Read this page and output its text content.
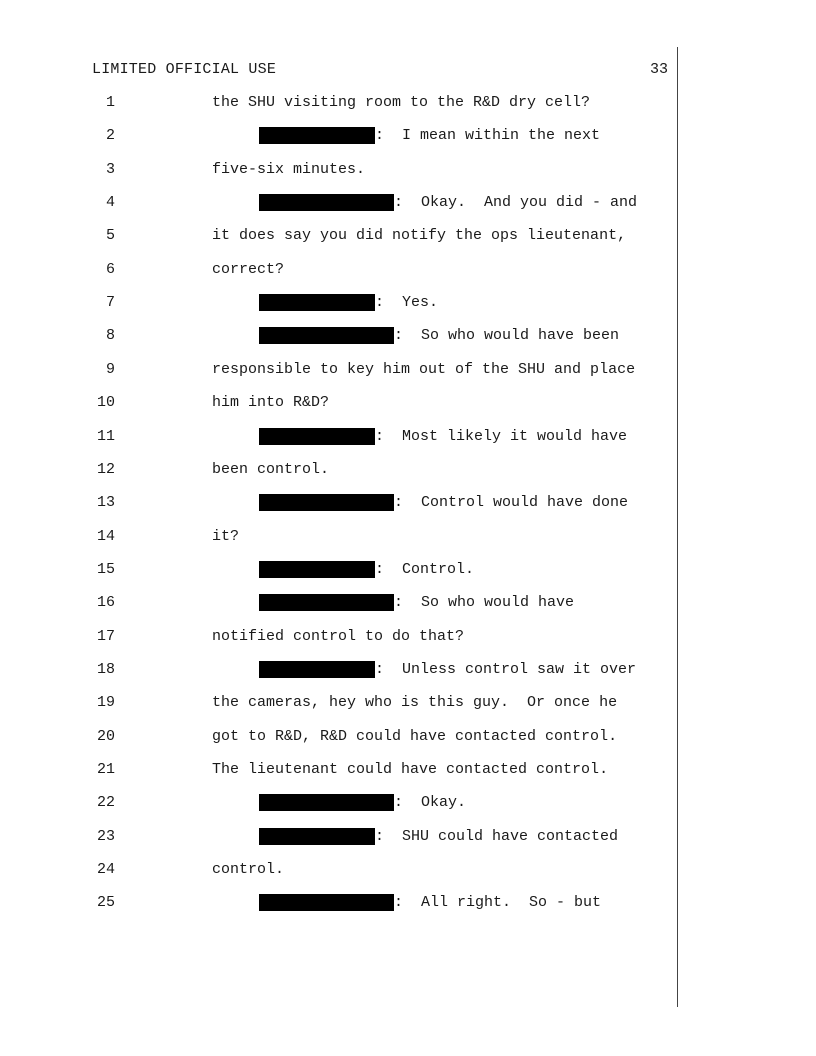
LIMITED OFFICIAL USE	33
1	the SHU visiting room to the R&D dry cell?
2	:  I mean within the next
3	five-six minutes.
4	:  Okay.  And you did - and
5	it does say you did notify the ops lieutenant,
6	correct?
7	:  Yes.
8	:  So who would have been
9	responsible to key him out of the SHU and place
10	him into R&D?
11	:  Most likely it would have
12	been control.
13	:  Control would have done
14	it?
15	:  Control.
16	:  So who would have
17	notified control to do that?
18	:  Unless control saw it over
19	the cameras, hey who is this guy.  Or once he
20	got to R&D, R&D could have contacted control.
21	The lieutenant could have contacted control.
22	:  Okay.
23	:  SHU could have contacted
24	control.
25	:  All right.  So - but
